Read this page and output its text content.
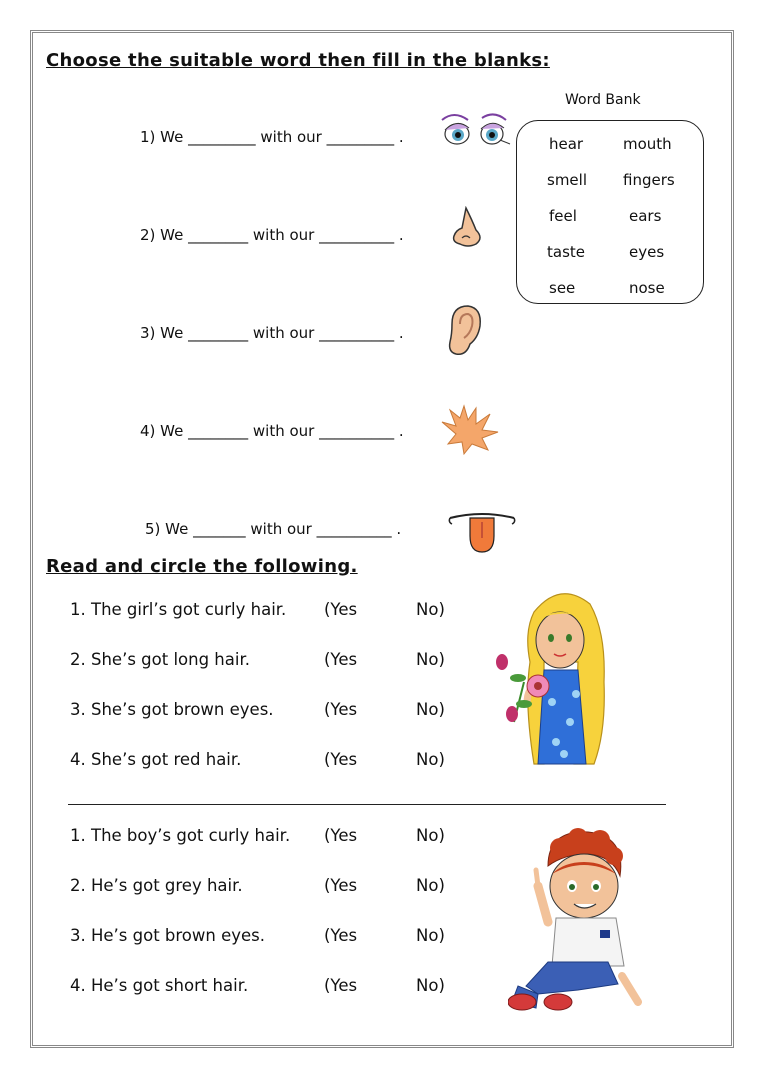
Choose the suitable word then fill in the blanks:
1) We _________ with our _________ .
2) We ________ with our __________ .
3) We ________ with our __________ .
4) We ________ with our __________ .
5) We _______ with our __________ .
Word Bank
hear	mouth
smell fingers
feel	ears
taste	eyes
see	nose
Read and circle the following.
1. The girl’s got curly hair. (Yes	No)
2. She’s got long hair.	(Yes	No)
3. She’s got brown eyes.	(Yes	No)
4. She’s got red hair.	(Yes	No)
1. The boy’s got curly hair. (Yes	No)
2. He’s got grey hair.	(Yes	No)
3. He’s got brown eyes.	(Yes	No)
4. He’s got short hair.	(Yes	No)
